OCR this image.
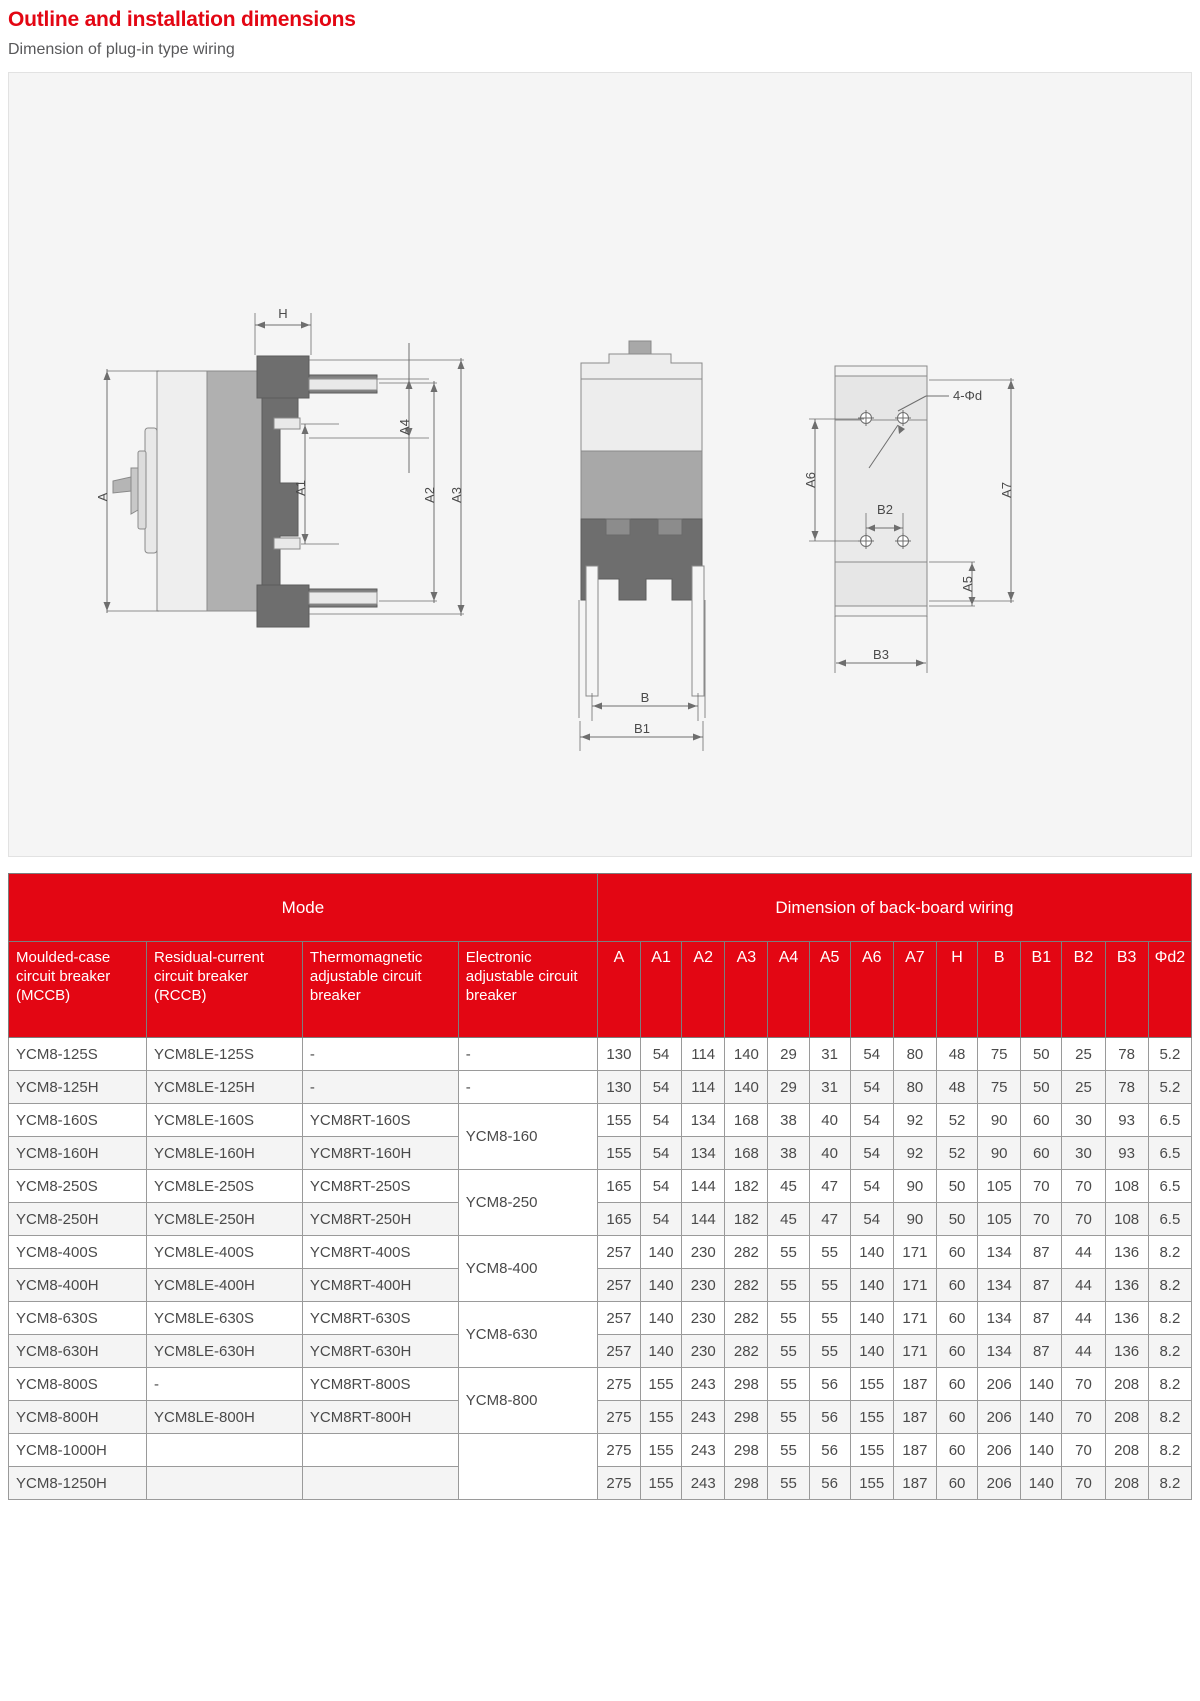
Outline and installation dimensions
Dimension of plug-in type wiring
A
H
A1
A4
A2 A3
B
B1
A6
B2
A7
A5
B3
4-Φd
Mode				Dimension of back-board wiring													
Moulded-case circuit breaker (MCCB)	Residual-current circuit breaker (RCCB)	Thermomagnetic adjustable circuit breaker	Electronic adjustable circuit breaker	A	A1	A2	A3	A4	A5	A6	A7	H	B	B1	B2	B3	Φd2
YCM8-125S	YCM8LE-125S	-	-	130	54	114	140	29	31	54	80	48	75	50	25	78	5.2
YCM8-125H	YCM8LE-125H	-	-	130	54	114	140	29	31	54	80	48	75	50	25	78	5.2
YCM8-160S	YCM8LE-160S	YCM8RT-160S	YCM8-160	155	54	134	168	38	40	54	92	52	90	60	30	93	6.5
YCM8-160H	YCM8LE-160H	YCM8RT-160H		155	54	134	168	38	40	54	92	52	90	60	30	93	6.5
YCM8-250S	YCM8LE-250S	YCM8RT-250S	YCM8-250	165	54	144	182	45	47	54	90	50	105	70	70	108	6.5
YCM8-250H	YCM8LE-250H	YCM8RT-250H		165	54	144	182	45	47	54	90	50	105	70	70	108	6.5
YCM8-400S	YCM8LE-400S	YCM8RT-400S	YCM8-400	257	140	230	282	55	55	140	171	60	134	87	44	136	8.2
YCM8-400H	YCM8LE-400H	YCM8RT-400H		257	140	230	282	55	55	140	171	60	134	87	44	136	8.2
YCM8-630S	YCM8LE-630S	YCM8RT-630S	YCM8-630	257	140	230	282	55	55	140	171	60	134	87	44	136	8.2
YCM8-630H	YCM8LE-630H	YCM8RT-630H		257	140	230	282	55	55	140	171	60	134	87	44	136	8.2
YCM8-800S	-	YCM8RT-800S	YCM8-800	275	155	243	298	55	56	155	187	60	206	140	70	208	8.2
YCM8-800H	YCM8LE-800H	YCM8RT-800H		275	155	243	298	55	56	155	187	60	206	140	70	208	8.2
YCM8-1000H				275	155	243	298	55	56	155	187	60	206	140	70	208	8.2
YCM8-1250H				275	155	243	298	55	56	155	187	60	206	140	70	208	8.2
